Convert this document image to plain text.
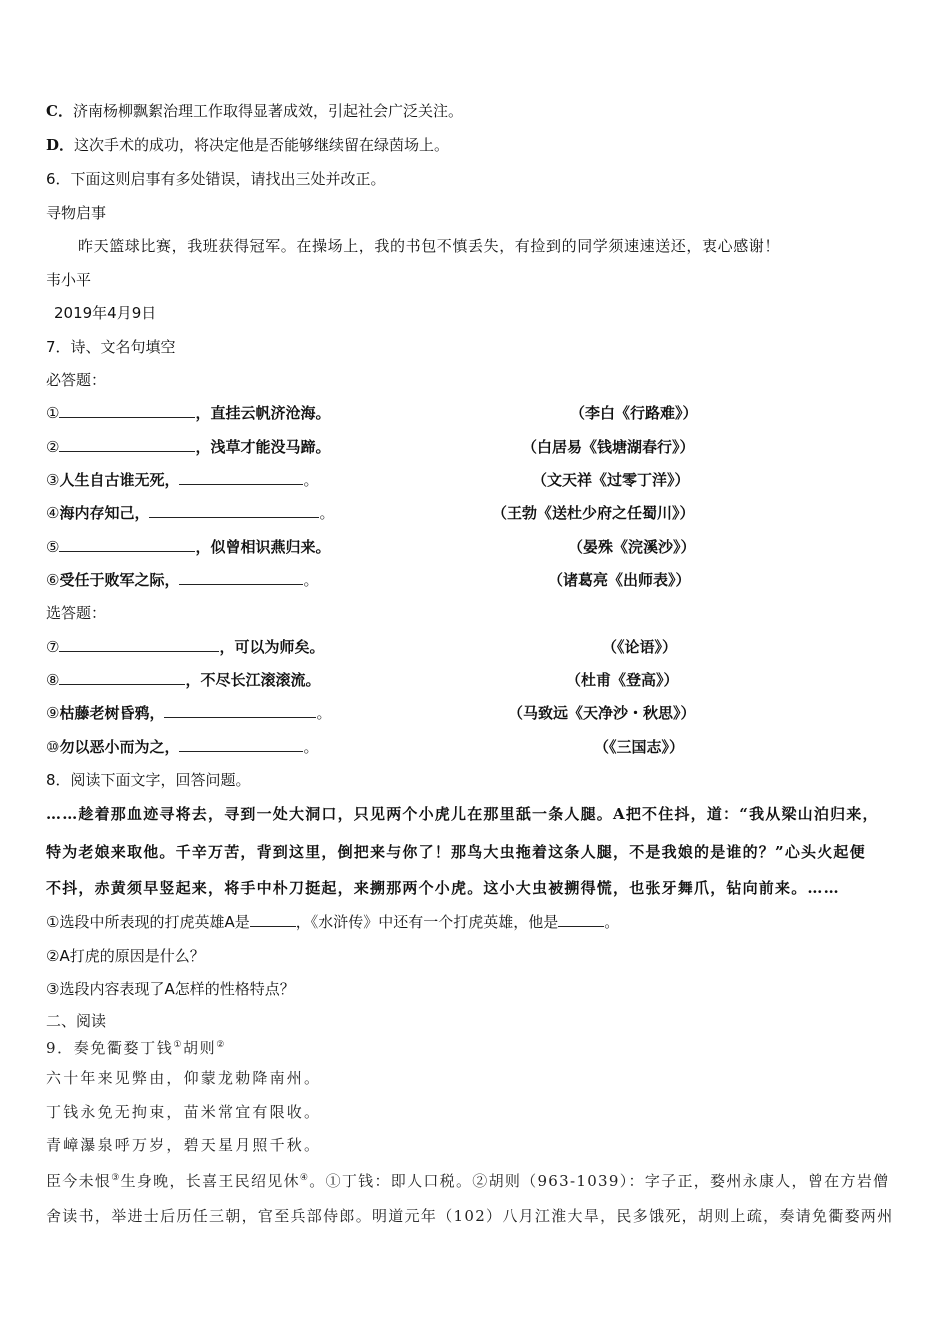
C．济南杨柳飘絮治理工作取得显著成效，引起社会广泛关注。
D．这次手术的成功，将决定他是否能够继续留在绿茵场上。
6．下面这则启事有多处错误，请找出三处并改正。
寻物启事
昨天篮球比赛，我班获得冠军。在操场上，我的书包不慎丢失，有捡到的同学须速速送还，衷心感谢！
韦小平
2019年4月9日
7．诗、文名句填空
必答题：
①	，直挂云帆济沧海。	（李白《行路难》）
②	，浅草才能没马蹄。	（白居易《钱塘湖春行》）
③人生自古谁无死，	。	（文天祥《过零丁洋》）
④海内存知己，	。	（王勃《送杜少府之任蜀川》）
⑤	，似曾相识燕归来。	（晏殊《浣溪沙》）
⑥受任于败军之际，	。	（诸葛亮《出师表》）
选答题：
⑦	，可以为师矣。	（《论语》）
⑧	，不尽长江滚滚流。	（杜甫《登高》）
⑨枯藤老树昏鸦，	。	（马致远《天净沙・秋思》）
⑩勿以恶小而为之，	。	（《三国志》）
8．阅读下面文字，回答问题。
……趁着那血迹寻将去，寻到一处大洞口，只见两个小虎儿在那里舐一条人腿。A把不住抖，道：“我从梁山泊归来，
特为老娘来取他。千辛万苦，背到这里，倒把来与你了！那鸟大虫拖着这条人腿，不是我娘的是谁的？”心头火起便
不抖，赤黄须早竖起来，将手中朴刀挺起，来搠那两个小虎。这小大虫被搠得慌，也张牙舞爪，钻向前来。……
①选段中所表现的打虎英雄A是	，《水浒传》中还有一个打虎英雄，他是	。
②A打虎的原因是什么？
③选段内容表现了A怎样的性格特点？
二、阅读
9．奏免衢婺丁钱①胡则②
六十年来见弊由，仰蒙龙勅降南州。
丁钱永免无拘束，苗米常宜有限收。
青嶂瀑泉呼万岁，碧天星月照千秋。
臣今未恨③生身晚，长喜王民绍见休④。①丁钱：即人口税。②胡则（963-1039）：字子正，婺州永康人，曾在方岩僧
舍读书，举进士后历任三朝，官至兵部侍郎。明道元年（102）八月江淮大旱，民多饿死，胡则上疏，奏请免衢婺两州
